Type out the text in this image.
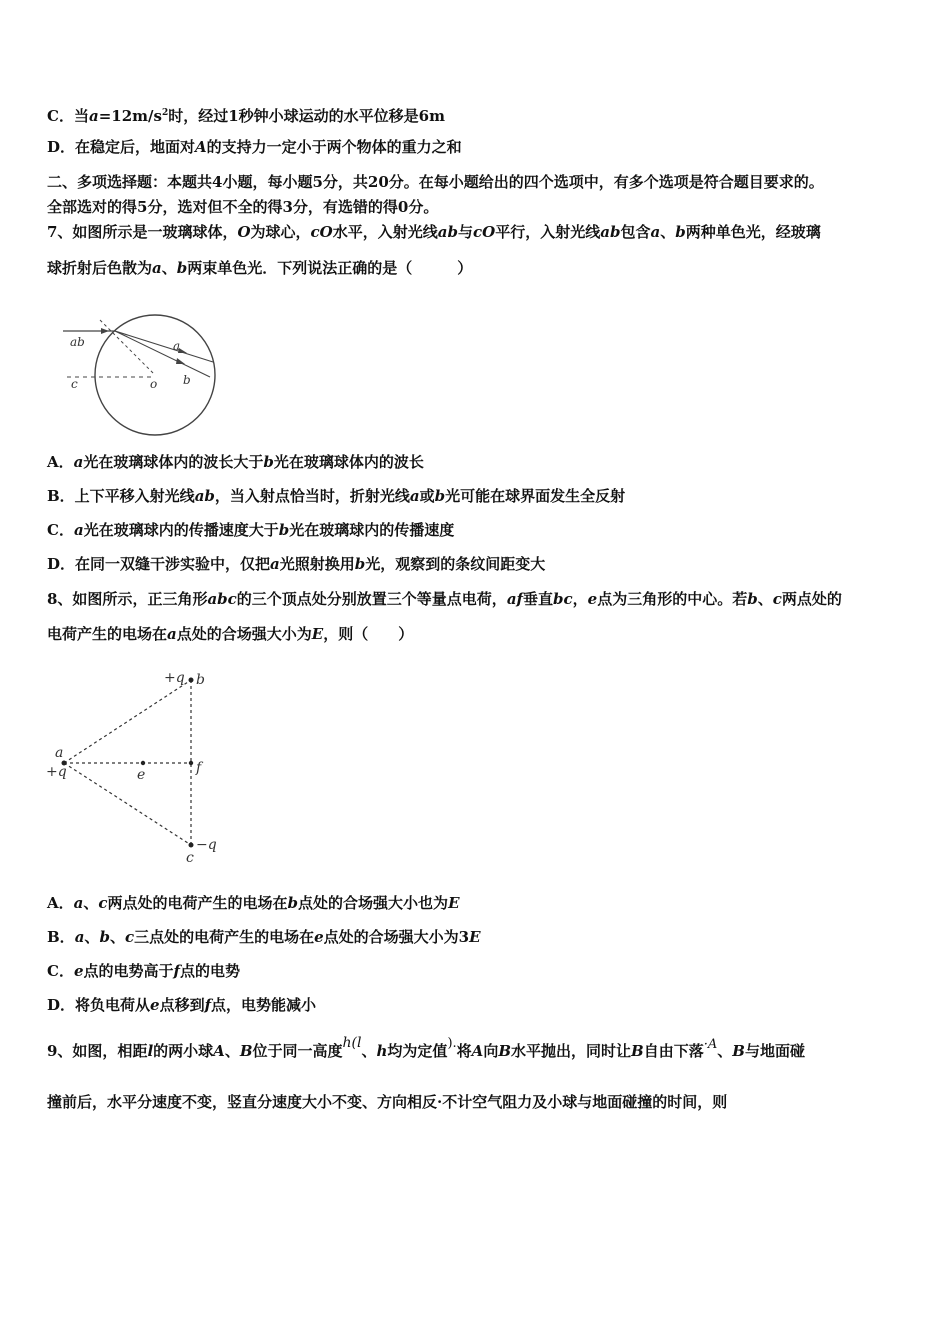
C．当$a=12m/s^2$时，经过1秒钟小球运动的水平位移是6m
D．在稳定后，地面对A的支持力一定小于两个物体的重力之和
二、多项选择题：本题共4小题，每小题5分，共20分。在每小题给出的四个选项中，有多个选项是符合题目要求的。
全部选对的得5分，选对但不全的得3分，有选错的得0分。
7、如图所示是一玻璃球体，O为球心，cO水平，入射光线ab与cO平行，入射光线ab包含a、b两种单色光，经玻璃
球折射后色散为a、b两束单色光．下列说法正确的是（　　　）
ab
c	o
a
b
A．a光在玻璃球体内的波长大于b光在玻璃球体内的波长
B．上下平移入射光线ab，当入射点恰当时，折射光线a或b光可能在球界面发生全反射
C．a光在玻璃球内的传播速度大于b光在玻璃球内的传播速度
D．在同一双缝干涉实验中，仅把a光照射换用b光，观察到的条纹间距变大
8、如图所示，正三角形abc的三个顶点处分别放置三个等量点电荷，af垂直bc，e点为三角形的中心。若b、c两点处的
电荷产生的电场在a点处的合场强大小为E，则（　　）
+q b
a
+q	e	f
−q
c
A．a、c两点处的电荷产生的电场在b点处的合场强大小也为E
B．a、b、c三点处的电荷产生的电场在e点处的合场强大小为3E
C．e点的电势高于f点的电势
D．将负电荷从e点移到f点，电势能减小
9、如图，相距l的两小球A、B位于同一高度h(l、h均为定值).将A向B水平抛出，同时让B自由下落·A、B与地面碰
撞前后，水平分速度不变，竖直分速度大小不变、方向相反·不计空气阻力及小球与地面碰撞的时间，则
